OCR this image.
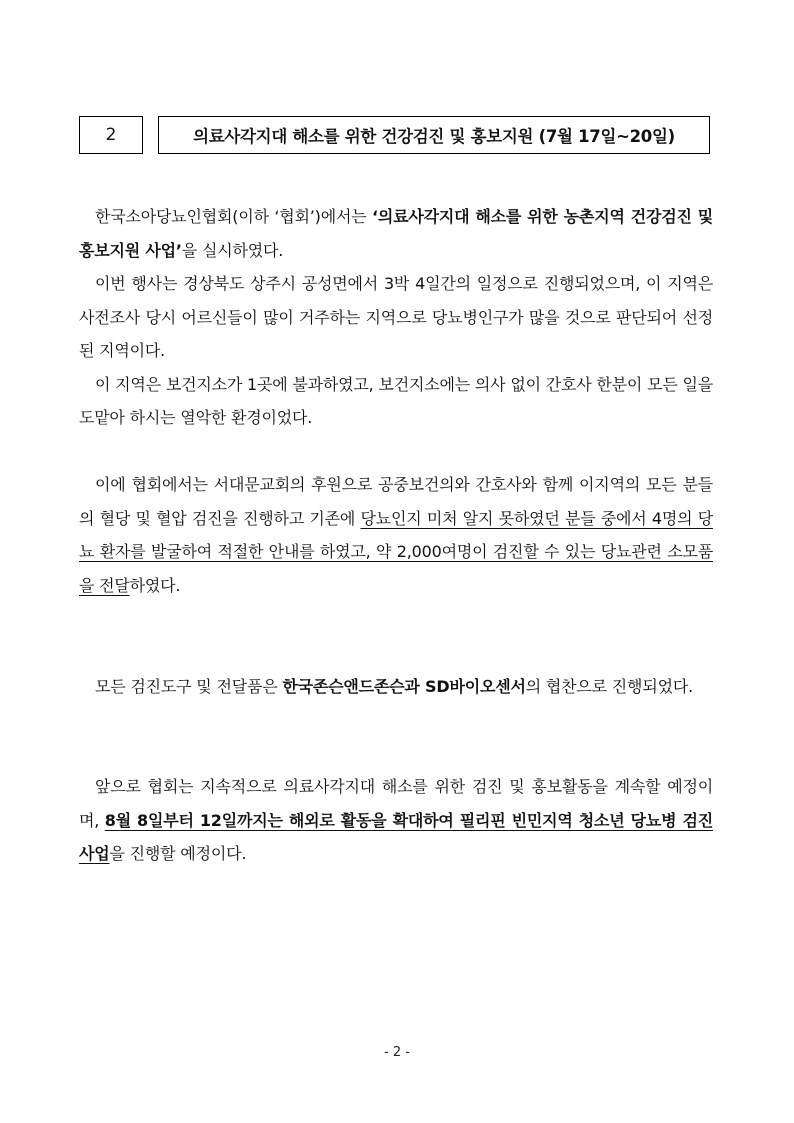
2	의료사각지대 해소를 위한 건강검진 및 홍보지원 (7월 17일~20일)
한국소아당뇨인협회(이하 ‘협회’)에서는 ‘의료사각지대 해소를 위한 농촌지역 건강검진 및 홍보지원 사업’을 실시하였다.
이번 행사는 경상북도 상주시 공성면에서 3박 4일간의 일정으로 진행되었으며, 이 지역은 사전조사 당시 어르신들이 많이 거주하는 지역으로 당뇨병인구가 많을 것으로 판단되어 선정된 지역이다.
이 지역은 보건지소가 1곳에 불과하였고, 보건지소에는 의사 없이 간호사 한분이 모든 일을 도맡아 하시는 열악한 환경이었다.
이에 협회에서는 서대문교회의 후원으로 공중보건의와 간호사와 함께 이지역의 모든 분들의 혈당 및 혈압 검진을 진행하고 기존에 당뇨인지 미처 알지 못하였던 분들 중에서 4명의 당뇨 환자를 발굴하여 적절한 안내를 하였고, 약 2,000여명이 검진할 수 있는 당뇨관련 소모품을 전달하였다.
모든 검진도구 및 전달품은 한국존슨앤드존슨과 SD바이오센서의 협찬으로 진행되었다.
앞으로 협회는 지속적으로 의료사각지대 해소를 위한 검진 및 홍보활동을 계속할 예정이며, 8월 8일부터 12일까지는 해외로 활동을 확대하여 필리핀 빈민지역 청소년 당뇨병 검진사업을 진행할 예정이다.
- 2 -
